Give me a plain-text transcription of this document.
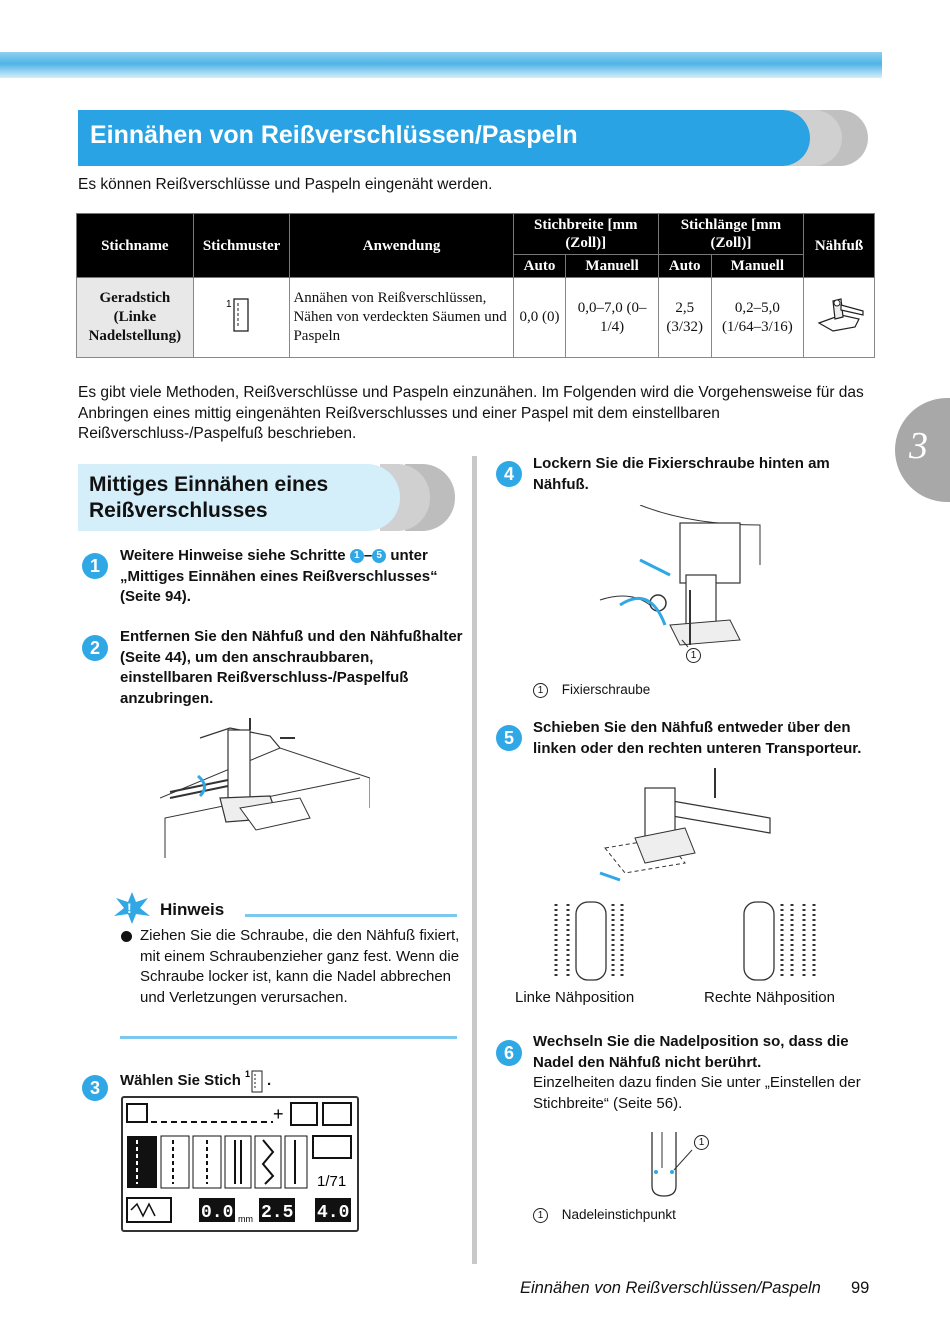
Einnähen von Reißverschlüssen/Paspeln
Es können Reißverschlüsse und Paspeln eingenäht werden.
Stichname	Stichmuster	Anwendung	Stichbreite [mm (Zoll)]		Stichlänge [mm (Zoll)]		Nähfuß
			Auto	Manuell	Auto	Manuell	
Geradstich (Linke Nadelstellung)	1	Annähen von Reißverschlüssen, Nähen von verdeckten Säumen und Paspeln	0,0 (0)	0,0–7,0 (0–1/4)	2,5 (3/32)	0,2–5,0 (1/64–3/16)	
Es gibt viele Methoden, Reißverschlüsse und Paspeln einzunähen. Im Folgenden wird die Vorgehensweise für das Anbringen eines mittig eingenähten Reißverschlusses und einer Paspel mit dem einstellbaren Reißverschluss-/Paspelfuß beschrieben.	3
Mittiges Einnähen eines Reißverschlusses
1
Weitere Hinweise siehe Schritte 1 – 5 unter „Mittiges Einnähen eines Reißverschlusses“ (Seite 94).
2
Entfernen Sie den Nähfuß und den Nähfußhalter (Seite 44), um den anschraubbaren, einstellbaren Reißverschluss-/Paspelfuß anzubringen.
! Hinweis
Ziehen Sie die Schraube, die den Nähfuß fixiert, mit einem Schraubenzieher ganz fest. Wenn die Schraube locker ist, kann die Nadel abbrechen und Verletzungen verursachen.
3	Wählen Sie Stich 1 .
+
1/71
0.0 mm 2.5 4.0
4
Lockern Sie die Fixierschraube hinten am Nähfuß.
1
1 Fixierschraube
5
Schieben Sie den Nähfuß entweder über den linken oder den rechten unteren Transporteur.
Linke Nähposition	Rechte Nähposition
6
Wechseln Sie die Nadelposition so, dass die Nadel den Nähfuß nicht berührt.
Einzelheiten dazu finden Sie unter „Einstellen der Stichbreite“ (Seite 56).
1
1 Nadeleinstichpunkt
Einnähen von Reißverschlüssen/Paspeln 99
